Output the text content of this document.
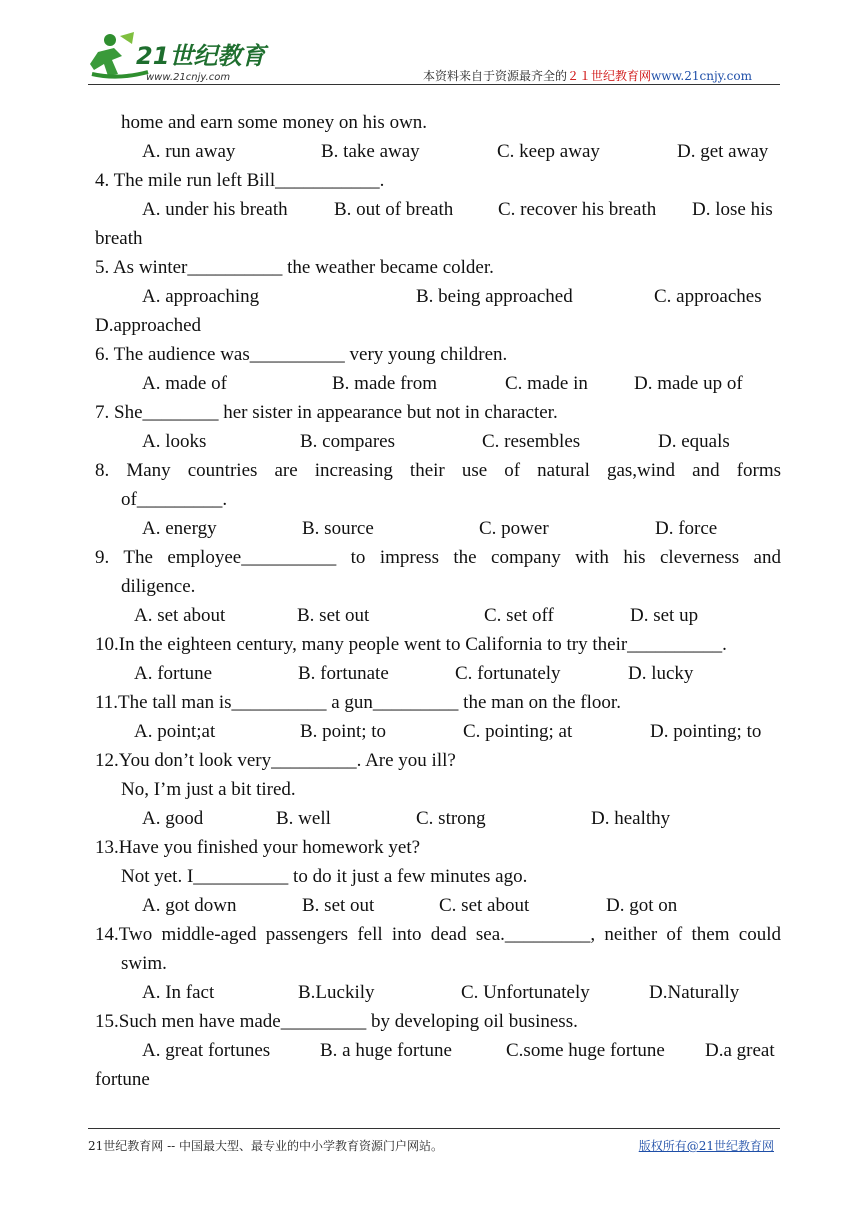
21世纪教育
www.21cnjy.com	本资料来自于资源最齐全的２１世纪教育网www.21cnjy.com
home and earn some money on his own.
A. run away	B. take away	C. keep away	D. get away
4. The mile run left Bill___________.
A. under his breath B. out of breath C. recover his breath D. lose his
breath
5. As winter__________ the weather became colder.
A. approaching	B. being approached	C. approaches
D.approached
6. The audience was__________ very young children.
A. made of	B. made from	C. made in D. made up of
7. She________ her sister in appearance but not in character.
A. looks	B. compares	C. resembles	D. equals
8. Many countries are increasing their use of natural gas,wind and forms
of_________.
A. energy	B. source	C. power	D. force
9. The employee__________ to impress the company with his cleverness and
diligence.
A. set about	B. set out	C. set off	D. set up
10.In the eighteen century, many people went to California to try their__________.
A. fortune	B. fortunate	C. fortunately	D. lucky
11.The tall man is__________ a gun_________ the man on the floor.
A. point;at	B. point; to	C. pointing; at	D. pointing; to
12.You don’t look very_________. Are you ill?
No, I’m just a bit tired.
A. good	B. well	C. strong	D. healthy
13.Have you finished your homework yet?
Not yet. I__________ to do it just a few minutes ago.
A. got down	B. set out	C. set about	D. got on
14.Two middle-aged passengers fell into dead sea._________, neither of them could
swim.
A. In fact	B.Luckily	C. Unfortunately	D.Naturally
15.Such men have made_________ by developing oil business.
A. great fortunes	B. a huge fortune	C.some huge fortune D.a great
fortune
21世纪教育网 -- 中国最大型、最专业的中小学教育资源门户网站。	版权所有@21世纪教育网
